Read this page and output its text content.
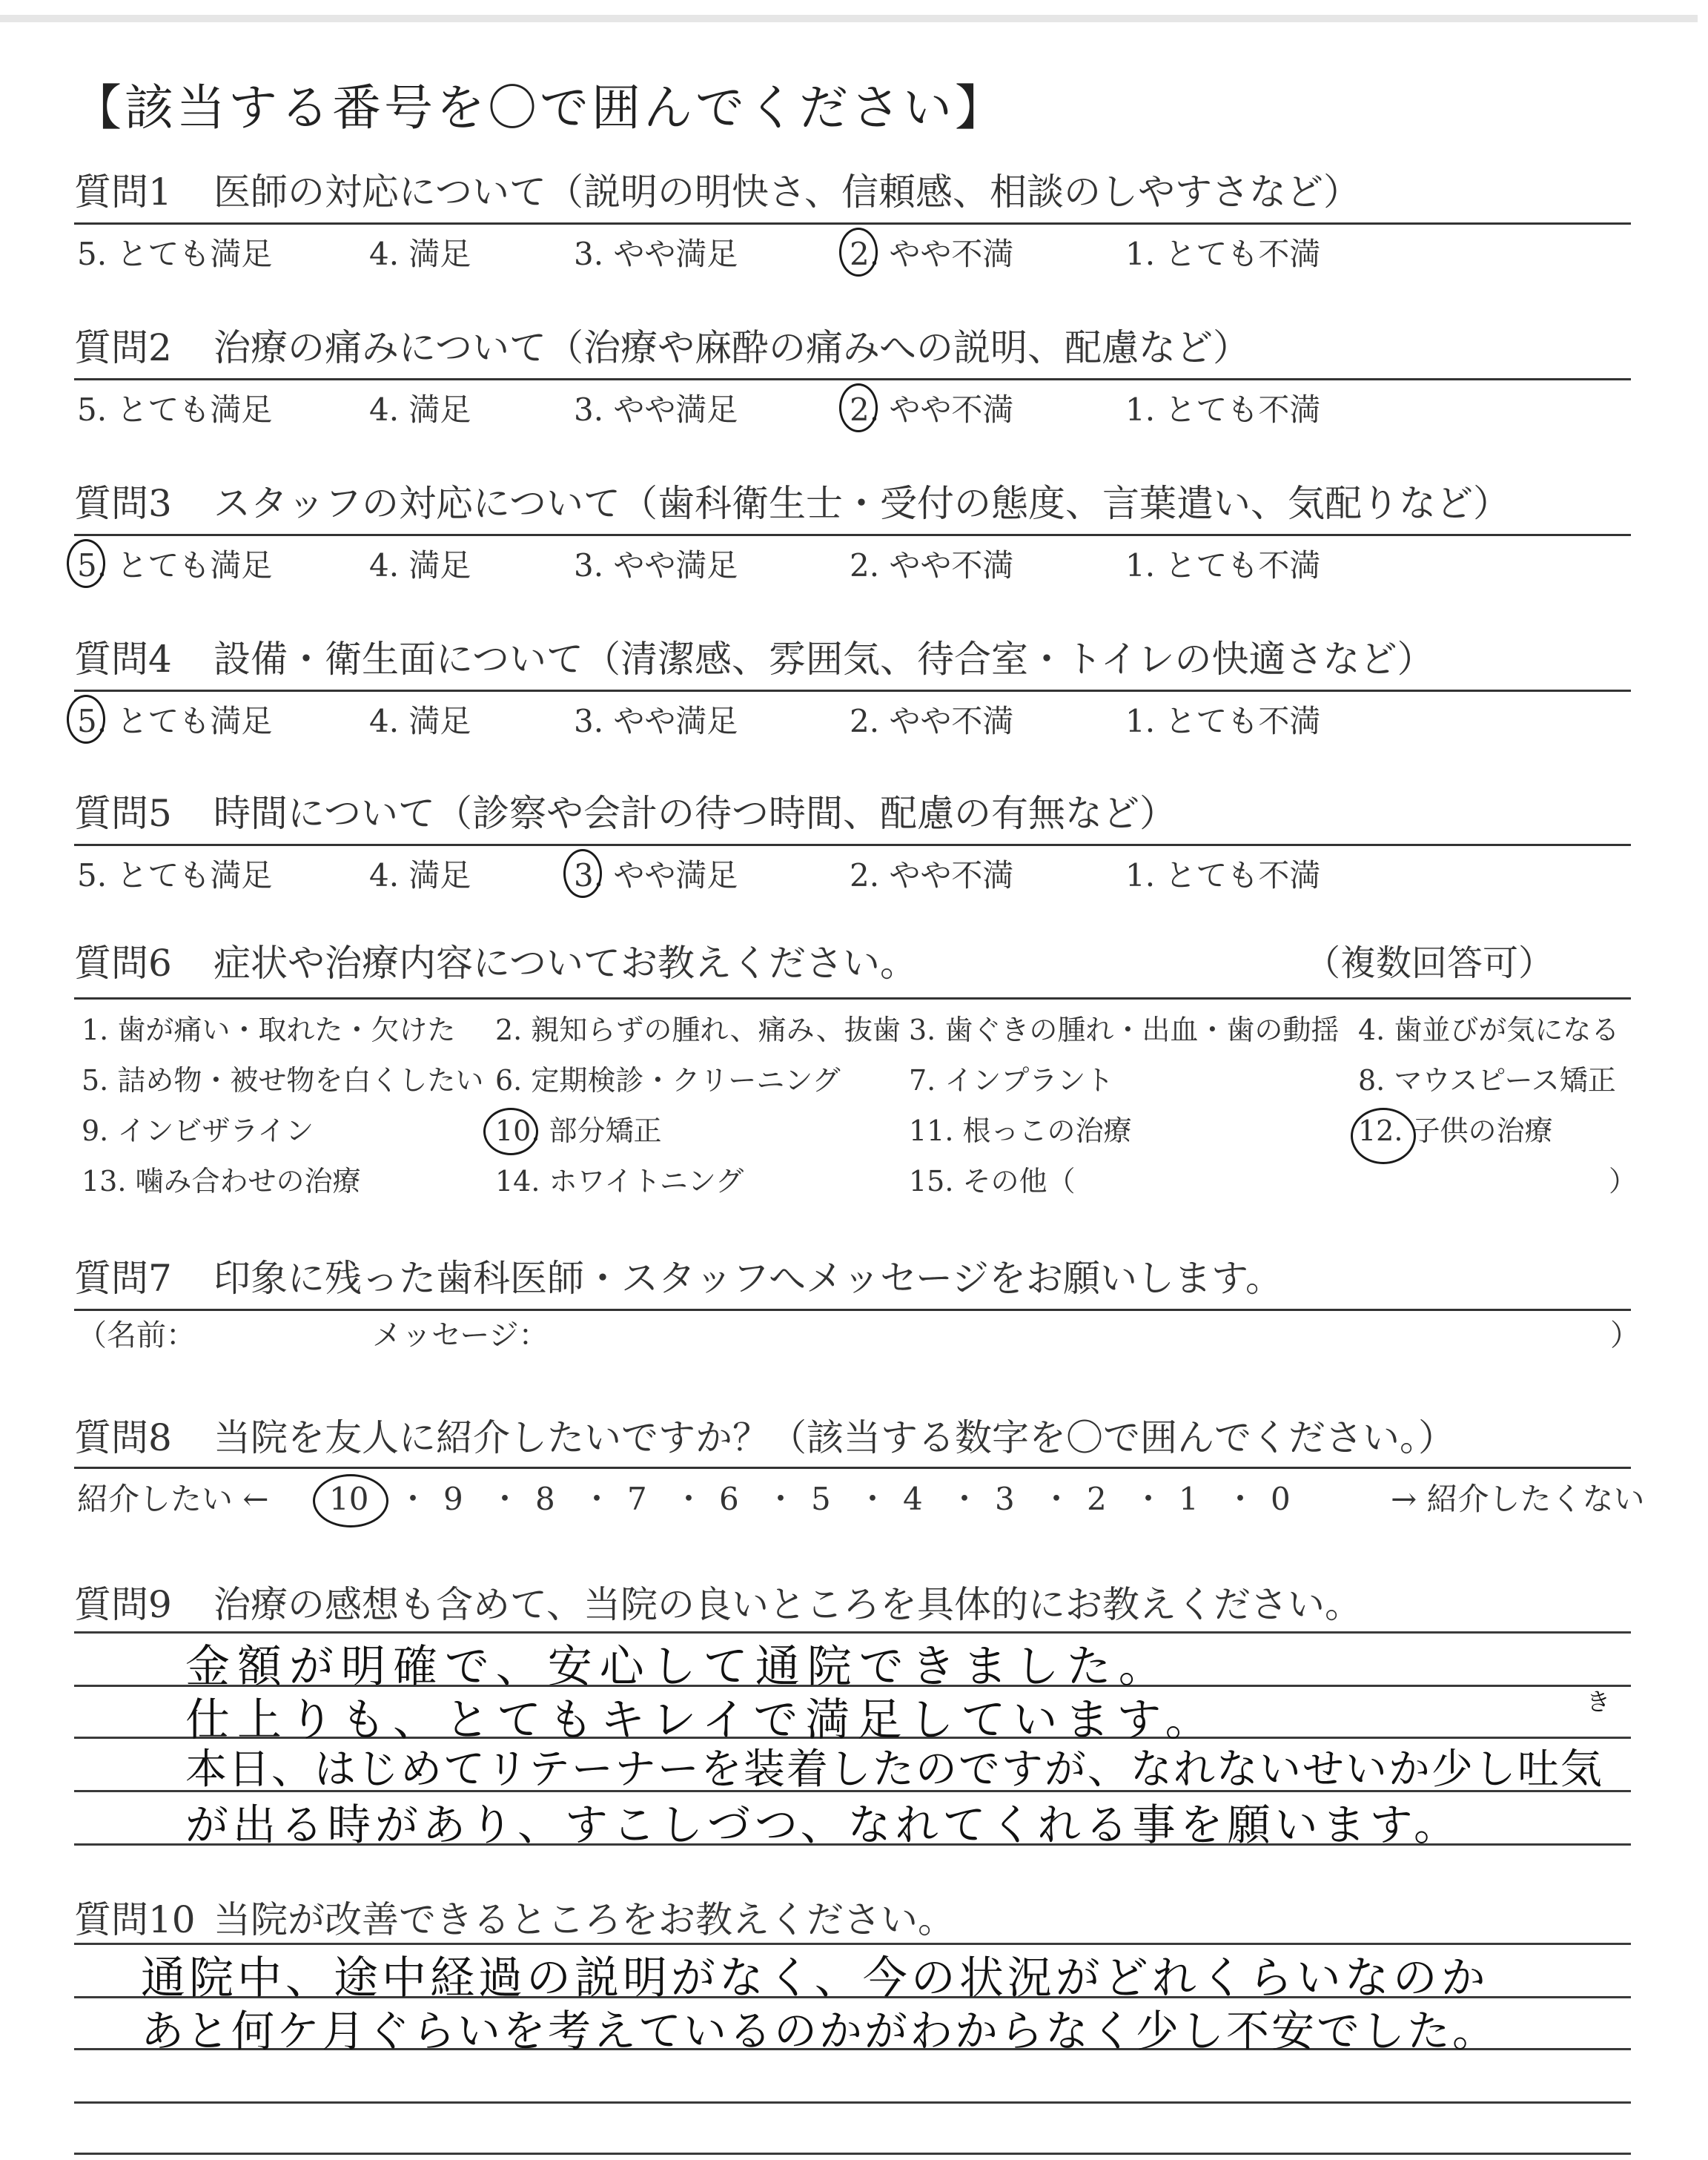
【該当する番号を〇で囲んでください】
質問1 医師の対応について（説明の明快さ、信頼感、相談のしやすさなど）
5. とても満足	4. 満足	3. やや満足	2. やや不満	1. とても不満
質問2 治療の痛みについて（治療や麻酔の痛みへの説明、配慮など）
5. とても満足	4. 満足	3. やや満足	2. やや不満	1. とても不満
質問3 スタッフの対応について（歯科衛生士・受付の態度、言葉遣い、気配りなど）
5. とても満足	4. 満足	3. やや満足	2. やや不満	1. とても不満
質問4 設備・衛生面について（清潔感、雰囲気、待合室・トイレの快適さなど）
5. とても満足	4. 満足	3. やや満足	2. やや不満	1. とても不満
質問5 時間について（診察や会計の待つ時間、配慮の有無など）
5. とても満足	4. 満足	3. やや満足	2. やや不満	1. とても不満
質問6 症状や治療内容についてお教えください。	（複数回答可）
1. 歯が痛い・取れた・欠けた 2. 親知らずの腫れ、痛み、抜歯 3. 歯ぐきの腫れ・出血・歯の動揺 4. 歯並びが気になる
5. 詰め物・被せ物を白くしたい 6. 定期検診・クリーニング 7. インプラント	8. マウスピース矯正
9. インビザライン	10. 部分矯正	11. 根っこの治療	12. 子供の治療
13. 噛み合わせの治療	14. ホワイトニング	15. その他（	）
質問7 印象に残った歯科医師・スタッフへメッセージをお願いします。
（名前：	メッセージ：	）
質問8 当院を友人に紹介したいですか？（該当する数字を〇で囲んでください。）
紹介したい ←	→ 紹介したくない
10 ・ 9 ・ 8 ・ 7 ・ 6 ・ 5 ・ 4 ・ 3 ・ 2 ・ 1 ・ 0
質問9 治療の感想も含めて、当院の良いところを具体的にお教えください。
金額が明確で、安心して通院できました。
仕上りも、とてもキレイで満足しています。	き
本日、はじめてリテーナーを装着したのですが、なれないせいか少し吐気
が出る時があり、すこしづつ、なれてくれる事を願います。
質問10 当院が改善できるところをお教えください。
通院中、途中経過の説明がなく、今の状況がどれくらいなのか
あと何ケ月ぐらいを考えているのかがわからなく少し不安でした。
